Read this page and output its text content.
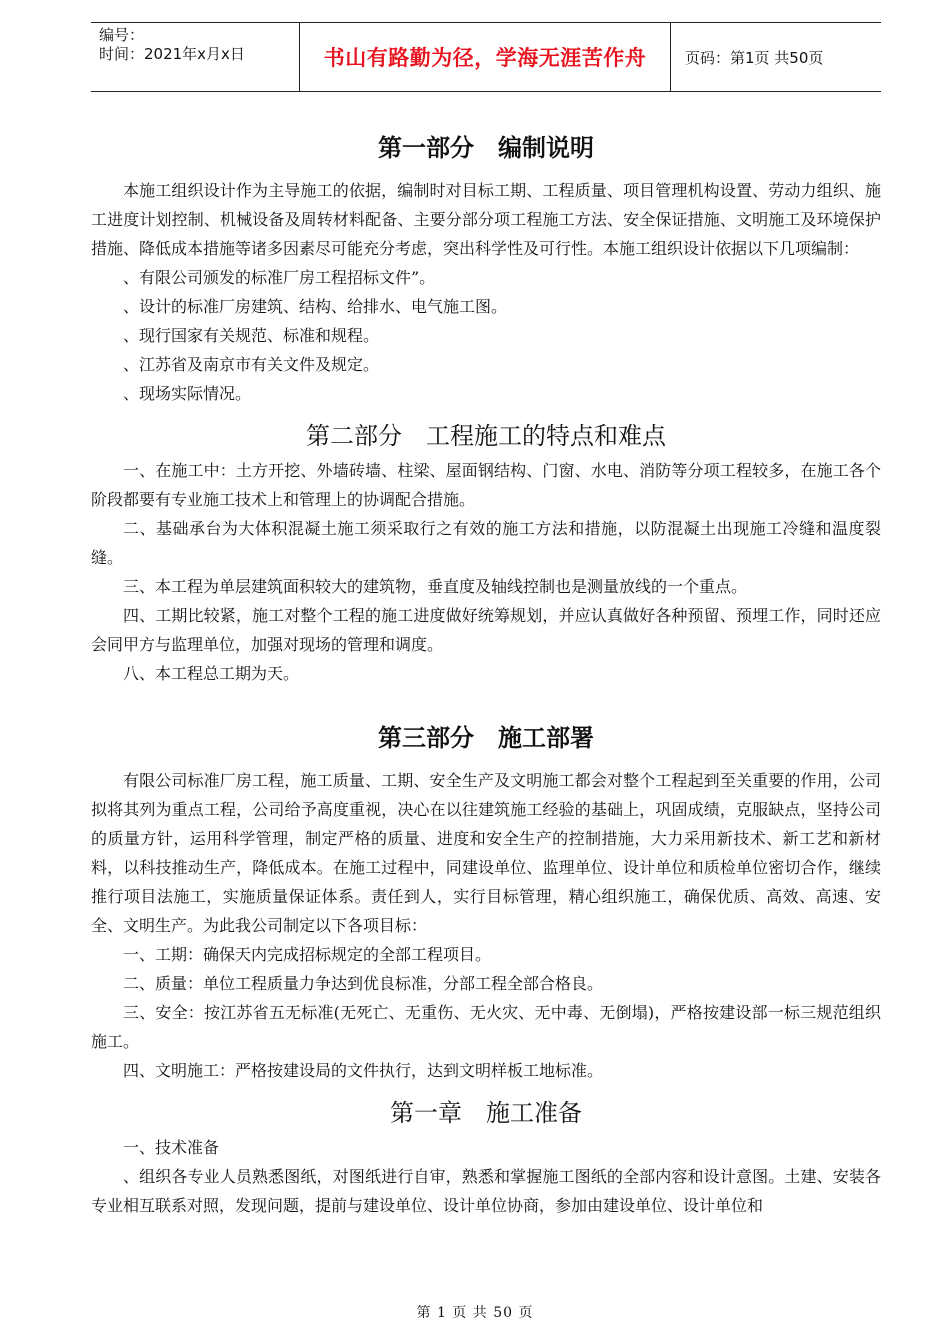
编号：
时间：2021年x月x日	书山有路勤为径，学海无涯苦作舟	页码：第1页 共50页
第一部分　编制说明

本施工组织设计作为主导施工的依据，编制时对目标工期、工程质量、项目管理机构设置、劳动力组织、施工进度计划控制、机械设备及周转材料配备、主要分部分项工程施工方法、安全保证措施、文明施工及环境保护措施、降低成本措施等诸多因素尽可能充分考虑，突出科学性及可行性。本施工组织设计依据以下几项编制：

、有限公司颁发的标准厂房工程招标文件”。

、设计的标准厂房建筑、结构、给排水、电气施工图。

、现行国家有关规范、标准和规程。

、江苏省及南京市有关文件及规定。

、现场实际情况。

第二部分　工程施工的特点和难点

一、在施工中：土方开挖、外墙砖墙、柱梁、屋面钢结构、门窗、水电、消防等分项工程较多，在施工各个阶段都要有专业施工技术上和管理上的协调配合措施。

二、基础承台为大体积混凝土施工须采取行之有效的施工方法和措施，以防混凝土出现施工冷缝和温度裂缝。

三、本工程为单层建筑面积较大的建筑物，垂直度及轴线控制也是测量放线的一个重点。

四、工期比较紧，施工对整个工程的施工进度做好统筹规划，并应认真做好各种预留、预埋工作，同时还应会同甲方与监理单位，加强对现场的管理和调度。

八、本工程总工期为天。

第三部分　施工部署

有限公司标准厂房工程，施工质量、工期、安全生产及文明施工都会对整个工程起到至关重要的作用，公司拟将其列为重点工程，公司给予高度重视，决心在以往建筑施工经验的基础上，巩固成绩，克服缺点，坚持公司的质量方针，运用科学管理，制定严格的质量、进度和安全生产的控制措施，大力采用新技术、新工艺和新材料，以科技推动生产，降低成本。在施工过程中，同建设单位、监理单位、设计单位和质检单位密切合作，继续推行项目法施工，实施质量保证体系。责任到人，实行目标管理，精心组织施工，确保优质、高效、高速、安全、文明生产。为此我公司制定以下各项目标：

一、工期：确保天内完成招标规定的全部工程项目。

二、质量：单位工程质量力争达到优良标准，分部工程全部合格良。

三、安全：按江苏省五无标准(无死亡、无重伤、无火灾、无中毒、无倒塌)，严格按建设部一标三规范组织施工。

四、文明施工：严格按建设局的文件执行，达到文明样板工地标准。

第一章　施工准备

一、技术准备

、组织各专业人员熟悉图纸，对图纸进行自审，熟悉和掌握施工图纸的全部内容和设计意图。土建、安装各专业相互联系对照，发现问题，提前与建设单位、设计单位协商，参加由建设单位、设计单位和

第 1 页 共 50 页
